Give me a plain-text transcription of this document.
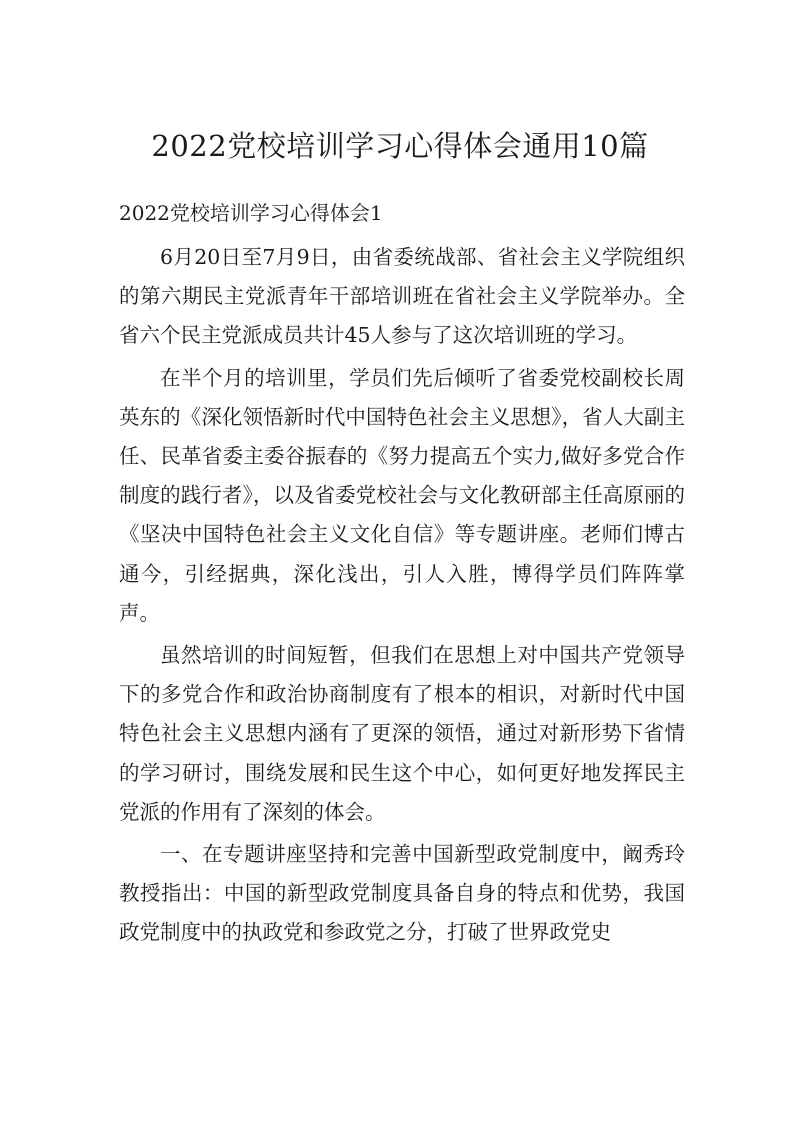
2022党校培训学习心得体会通用10篇
2022党校培训学习心得体会1

6月20日至7月9日，由省委统战部、省社会主义学院组织的第六期民主党派青年干部培训班在省社会主义学院举办。全省六个民主党派成员共计45人参与了这次培训班的学习。

在半个月的培训里，学员们先后倾听了省委党校副校长周英东的《深化领悟新时代中国特色社会主义思想》，省人大副主任、民革省委主委谷振春的《努力提高五个实力,做好多党合作制度的践行者》，以及省委党校社会与文化教研部主任高原丽的《坚决中国特色社会主义文化自信》等专题讲座。老师们博古通今，引经据典，深化浅出，引人入胜，博得学员们阵阵掌声。

虽然培训的时间短暂，但我们在思想上对中国共产党领导下的多党合作和政治协商制度有了根本的相识，对新时代中国特色社会主义思想内涵有了更深的领悟，通过对新形势下省情的学习研讨，围绕发展和民生这个中心，如何更好地发挥民主党派的作用有了深刻的体会。

一、在专题讲座坚持和完善中国新型政党制度中，阚秀玲教授指出：中国的新型政党制度具备自身的特点和优势，我国政党制度中的执政党和参政党之分，打破了世界政党史
